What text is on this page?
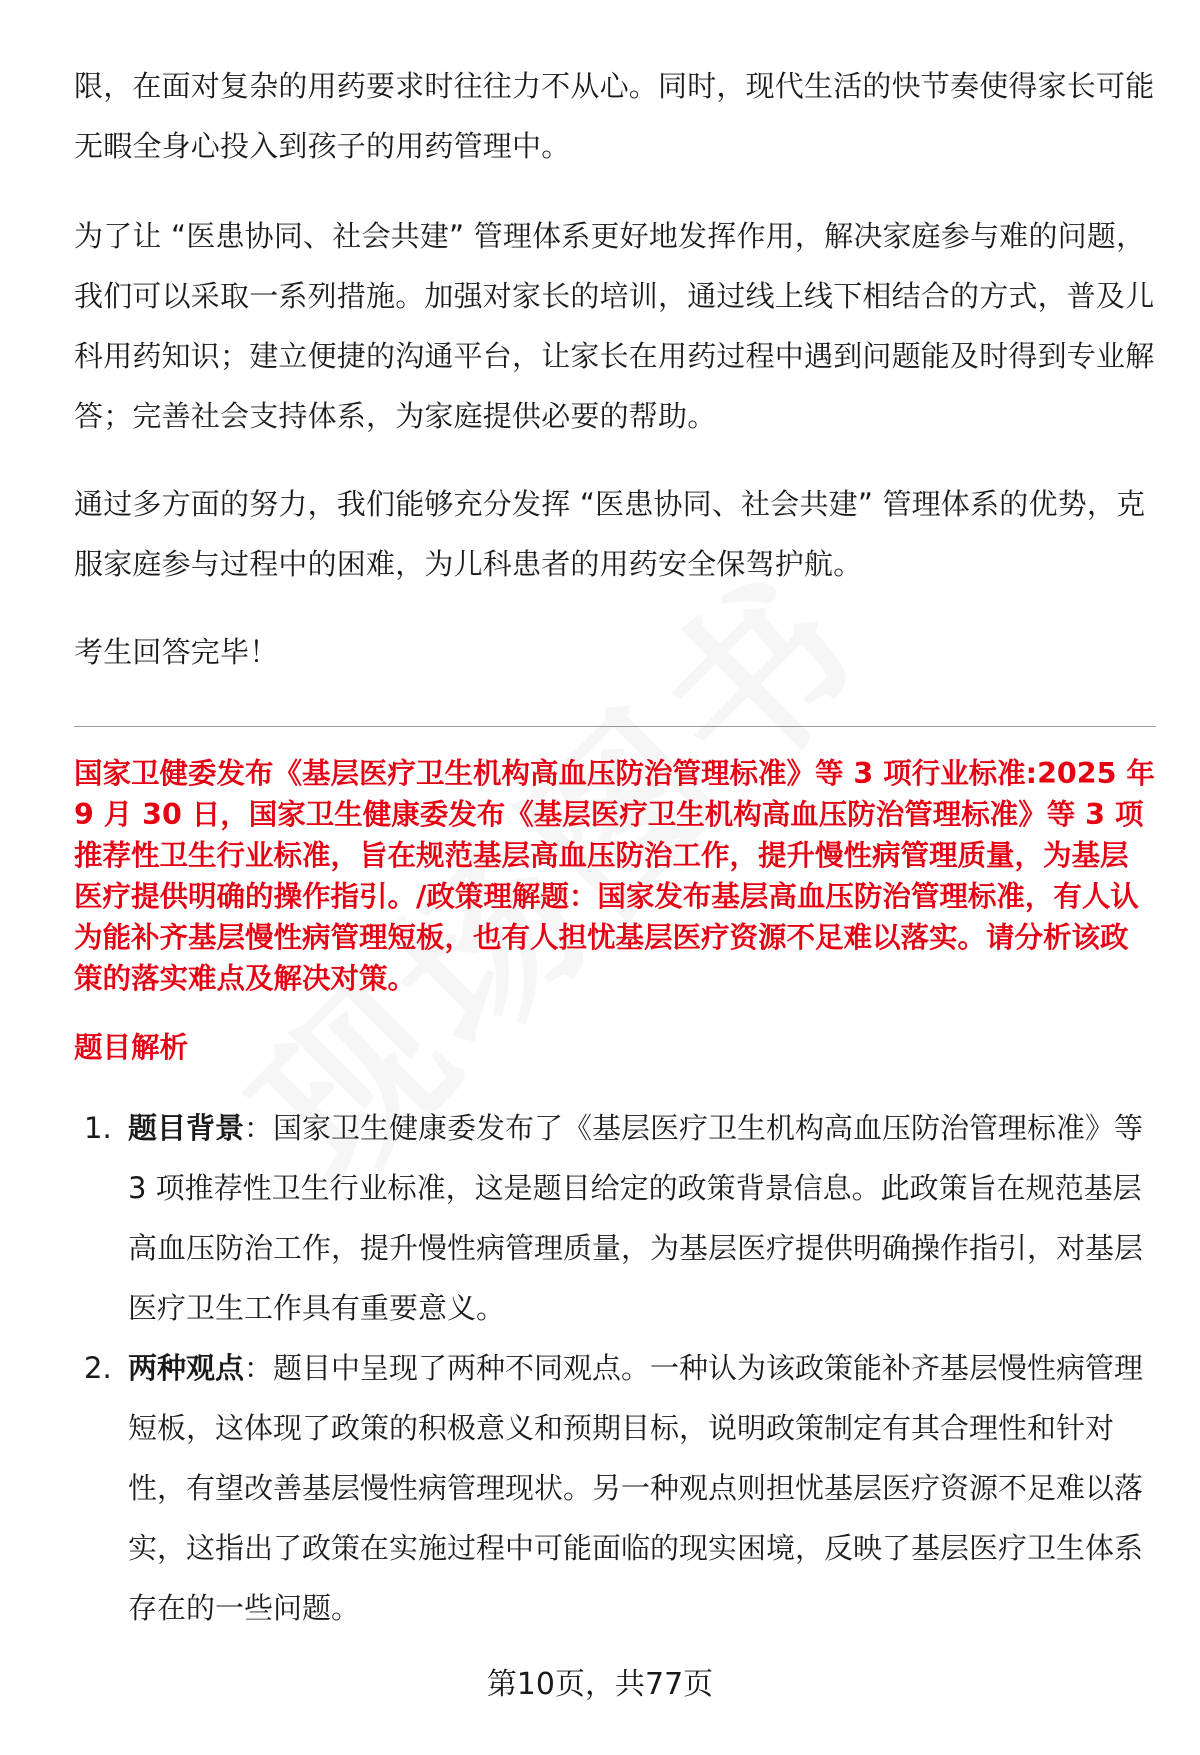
限，在面对复杂的用药要求时往往力不从心。同时，现代生活的快节奏使得家长可能无暇全身心投入到孩子的用药管理中。

为了让 “医患协同、社会共建” 管理体系更好地发挥作用，解决家庭参与难的问题，我们可以采取一系列措施。加强对家长的培训，通过线上线下相结合的方式，普及儿科用药知识；建立便捷的沟通平台，让家长在用药过程中遇到问题能及时得到专业解答；完善社会支持体系，为家庭提供必要的帮助。

通过多方面的努力，我们能够充分发挥 “医患协同、社会共建” 管理体系的优势，克服家庭参与过程中的困难，为儿科患者的用药安全保驾护航。

考生回答完毕！

国家卫健委发布《基层医疗卫生机构高血压防治管理标准》等 3 项行业标准:2025 年 9 月 30 日，国家卫生健康委发布《基层医疗卫生机构高血压防治管理标准》等 3 项推荐性卫生行业标准，旨在规范基层高血压防治工作，提升慢性病管理质量，为基层医疗提供明确的操作指引。/政策理解题：国家发布基层高血压防治管理标准，有人认为能补齐基层慢性病管理短板，也有人担忧基层医疗资源不足难以落实。请分析该政策的落实难点及解决对策。

题目解析

1. 题目背景：国家卫生健康委发布了《基层医疗卫生机构高血压防治管理标准》等 3 项推荐性卫生行业标准，这是题目给定的政策背景信息。此政策旨在规范基层高血压防治工作，提升慢性病管理质量，为基层医疗提供明确操作指引，对基层医疗卫生工作具有重要意义。
2. 两种观点：题目中呈现了两种不同观点。一种认为该政策能补齐基层慢性病管理短板，这体现了政策的积极意义和预期目标，说明政策制定有其合理性和针对性，有望改善基层慢性病管理现状。另一种观点则担忧基层医疗资源不足难以落实，这指出了政策在实施过程中可能面临的现实困境，反映了基层医疗卫生体系存在的一些问题。
第10页，共77页
